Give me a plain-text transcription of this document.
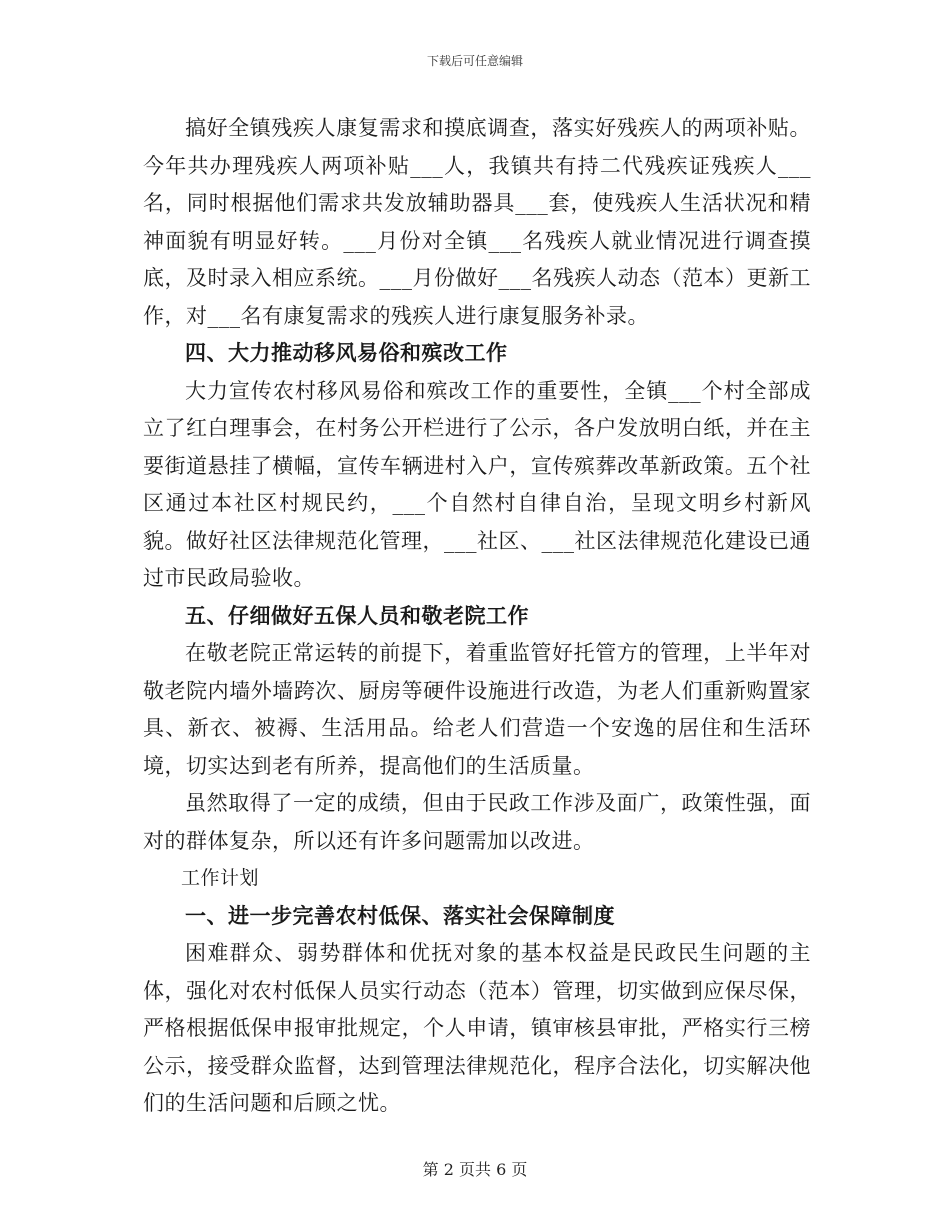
下载后可任意编辑

搞好全镇残疾人康复需求和摸底调查，落实好残疾人的两项补贴。今年共办理残疾人两项补贴___人，我镇共有持二代残疾证残疾人___名，同时根据他们需求共发放辅助器具___套，使残疾人生活状况和精神面貌有明显好转。___月份对全镇___名残疾人就业情况进行调查摸底，及时录入相应系统。___月份做好___名残疾人动态（范本）更新工作，对___名有康复需求的残疾人进行康复服务补录。

四、大力推动移风易俗和殡改工作

大力宣传农村移风易俗和殡改工作的重要性，全镇___个村全部成立了红白理事会，在村务公开栏进行了公示，各户发放明白纸，并在主要街道悬挂了横幅，宣传车辆进村入户，宣传殡葬改革新政策。五个社区通过本社区村规民约，___个自然村自律自治，呈现文明乡村新风貌。做好社区法律规范化管理，___社区、___社区法律规范化建设已通过市民政局验收。

五、仔细做好五保人员和敬老院工作

在敬老院正常运转的前提下，着重监管好托管方的管理，上半年对敬老院内墙外墙跨次、厨房等硬件设施进行改造，为老人们重新购置家具、新衣、被褥、生活用品。给老人们营造一个安逸的居住和生活环境，切实达到老有所养，提高他们的生活质量。

虽然取得了一定的成绩，但由于民政工作涉及面广，政策性强，面对的群体复杂，所以还有许多问题需加以改进。

工作计划

一、进一步完善农村低保、落实社会保障制度

困难群众、弱势群体和优抚对象的基本权益是民政民生问题的主体，强化对农村低保人员实行动态（范本）管理，切实做到应保尽保，严格根据低保申报审批规定，个人申请，镇审核县审批，严格实行三榜公示，接受群众监督，达到管理法律规范化，程序合法化，切实解决他们的生活问题和后顾之忧。

第 2 页共 6 页
